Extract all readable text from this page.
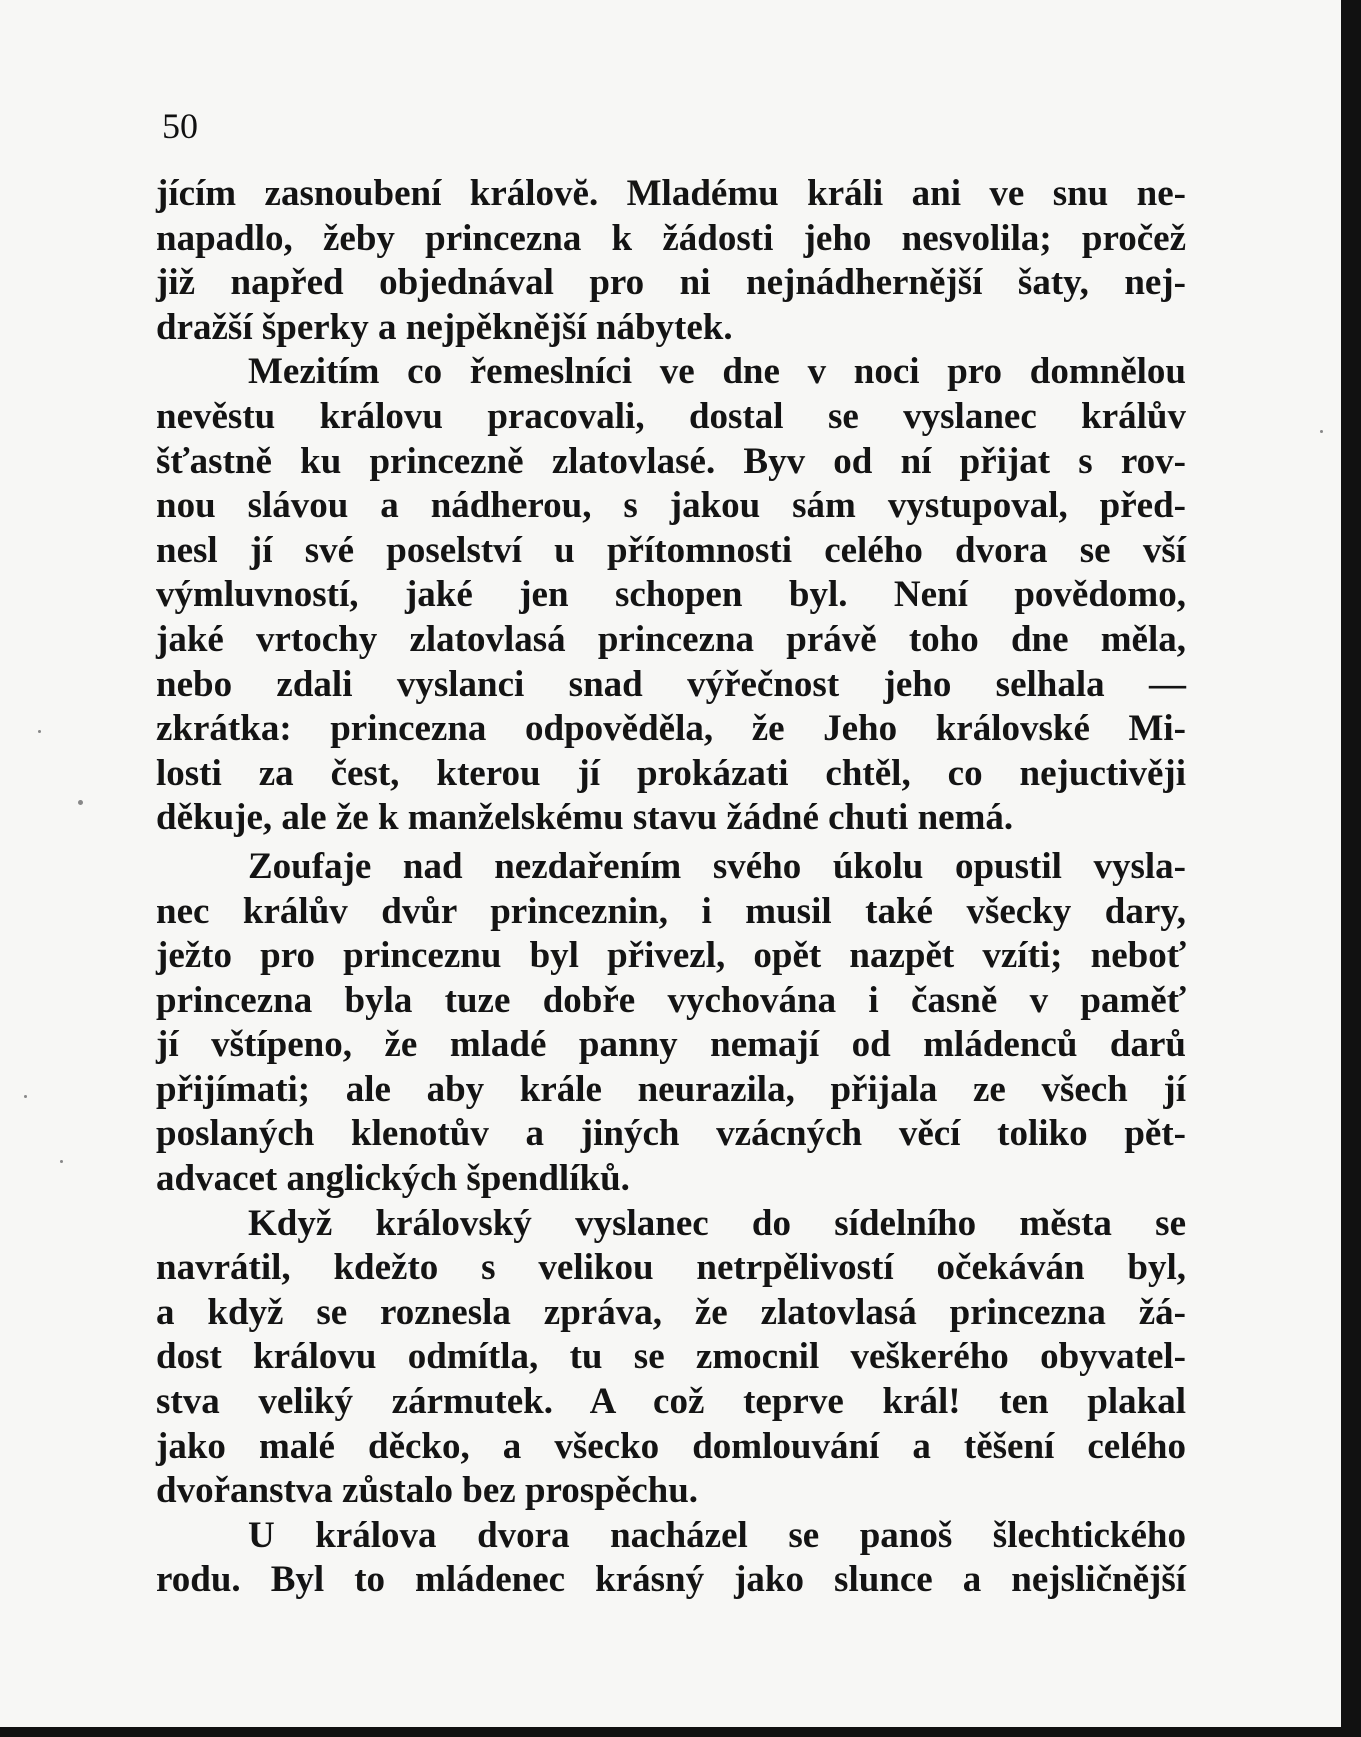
50
jícím zasnoubení královĕ. Mladému králi ani ve snu ne-
napadlo, žeby princezna k žádosti jeho nesvolila; pročež
již napřed objednával pro ni nejnádhernější šaty, nej-
dražší šperky a nejpěknější nábytek.
Mezitím co řemeslníci ve dne v noci pro domnělou
nevěstu královu pracovali, dostal se vyslanec králův
šťastně ku princezně zlatovlasé. Byv od ní přijat s rov-
nou slávou a nádherou, s jakou sám vystupoval, před-
nesl jí své poselství u přítomnosti celého dvora se vší
výmluvností, jaké jen schopen byl. Není povědomo,
jaké vrtochy zlatovlasá princezna právě toho dne měla,
nebo zdali vyslanci snad výřečnost jeho selhala —
zkrátka: princezna odpověděla, že Jeho královské Mi-
losti za čest, kterou jí prokázati chtěl, co nejuctivěji
děkuje, ale že k manželskému stavu žádné chuti nemá.
Zoufaje nad nezdařením svého úkolu opustil vysla-
nec králův dvůr princeznin, i musil také všecky dary,
ježto pro princeznu byl přivezl, opět nazpět vzíti; neboť
princezna byla tuze dobře vychována i časně v paměť
jí vštípeno, že mladé panny nemají od mládenců darů
přijímati; ale aby krále neurazila, přijala ze všech jí
poslaných klenotův a jiných vzácných věcí toliko pět-
advacet anglických špendlíků.
Když královský vyslanec do sídelního města se
navrátil, kdežto s velikou netrpělivostí očekáván byl,
a když se roznesla zpráva, že zlatovlasá princezna žá-
dost královu odmítla, tu se zmocnil veškerého obyvatel-
stva veliký zármutek. A což teprve král! ten plakal
jako malé děcko, a všecko domlouvání a těšení celého
dvořanstva zůstalo bez prospěchu.
U králova dvora nacházel se panoš šlechtického
rodu. Byl to mládenec krásný jako slunce a nejsličnější
